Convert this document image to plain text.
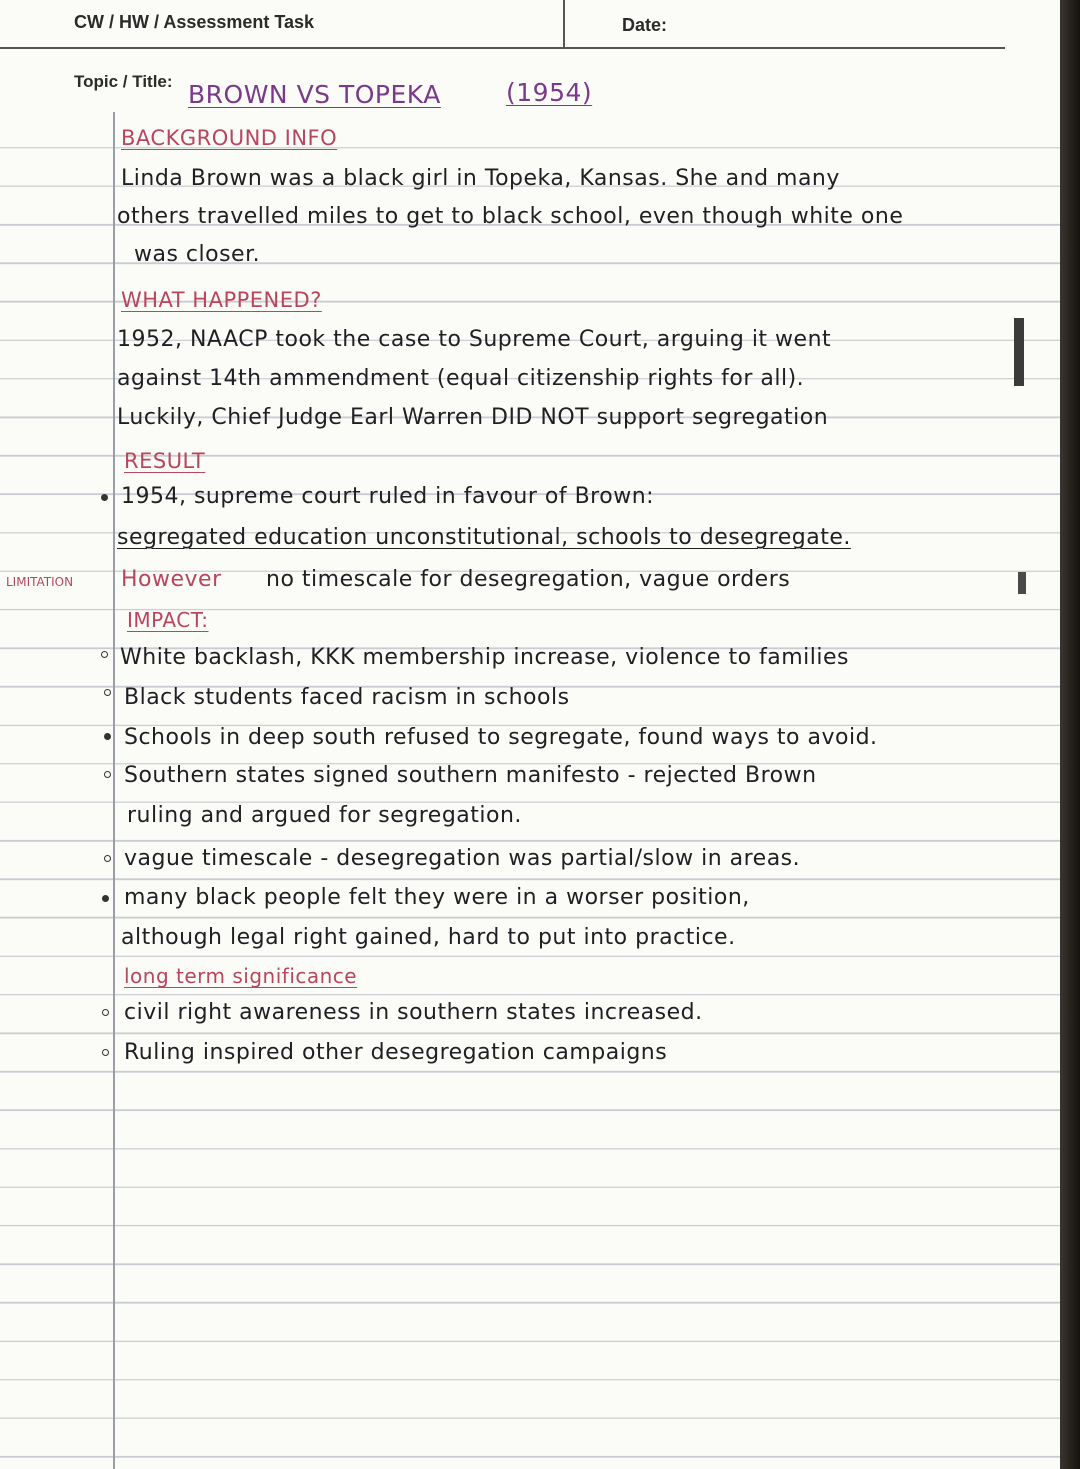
CW / HW / Assessment Task	Date:
Topic / Title: BROWN VS TOPEKA	(1954)
BACKGROUND INFO
Linda Brown was a black girl in Topeka, Kansas. She and many
others travelled miles to get to black school, even though white one
was closer.
WHAT HAPPENED?
1952, NAACP took the case to Supreme Court, arguing it went
against 14th ammendment (equal citizenship rights for all).
Luckily, Chief Judge Earl Warren DID NOT support segregation
RESULT
1954, supreme court ruled in favour of Brown:
segregated education unconstitutional, schools to desegregate.
LIMITATION However no timescale for desegregation, vague orders
IMPACT:
White backlash, KKK membership increase, violence to families
Black students faced racism in schools
Schools in deep south refused to segregate, found ways to avoid.
Southern states signed southern manifesto - rejected Brown
ruling and argued for segregation.
vague timescale - desegregation was partial/slow in areas.
many black people felt they were in a worser position,
although legal right gained, hard to put into practice.
long term significance
civil right awareness in southern states increased.
Ruling inspired other desegregation campaigns
